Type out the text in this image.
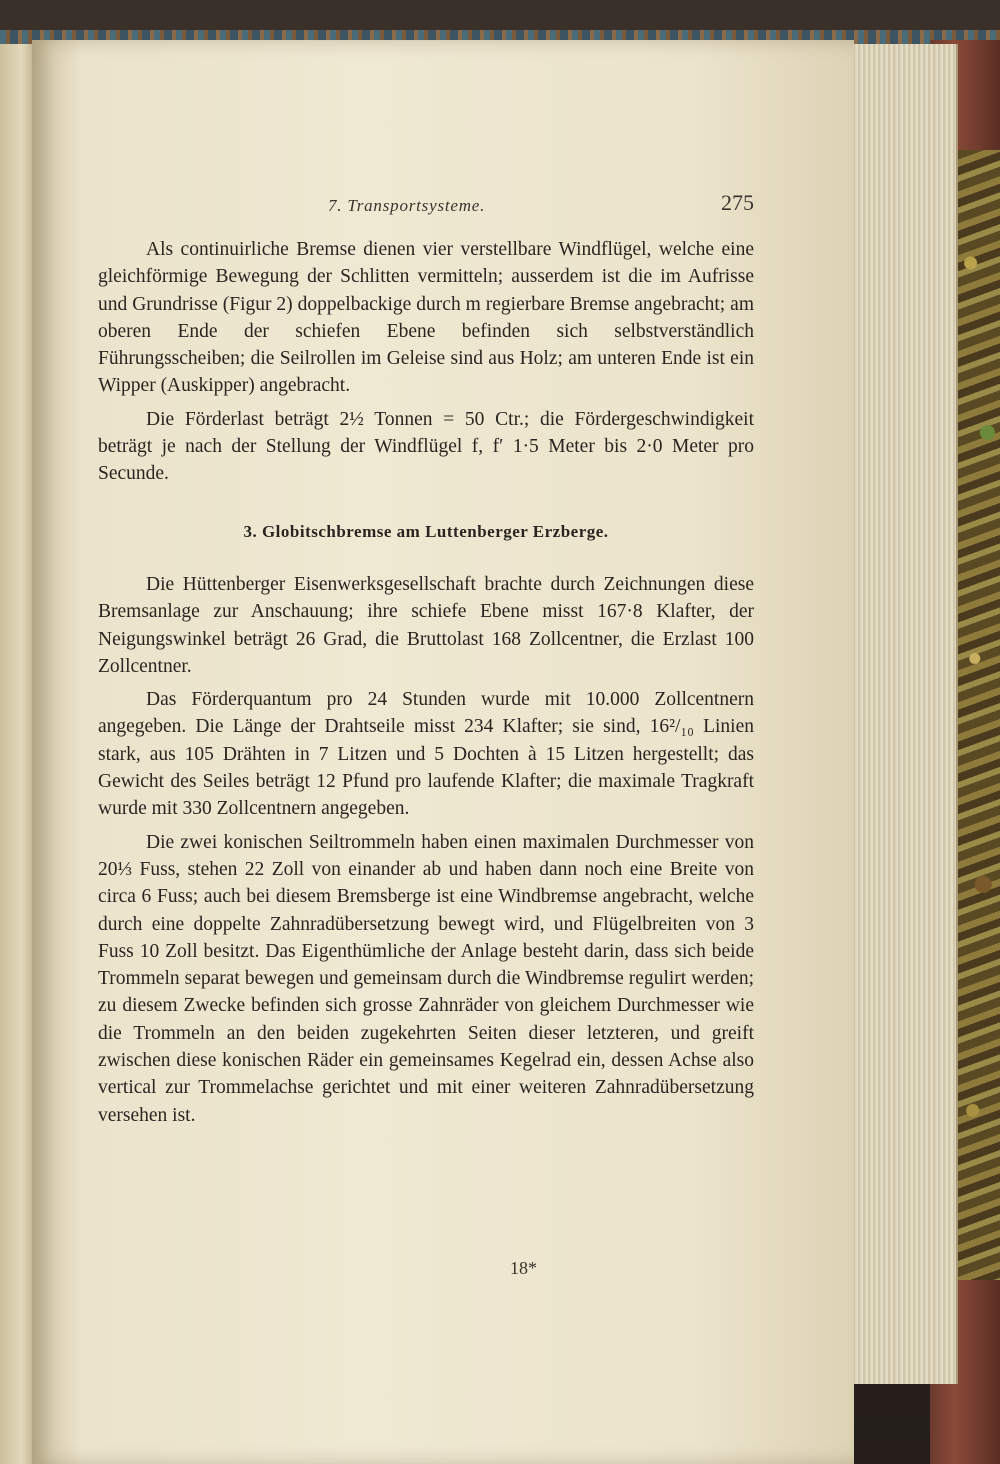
7. Transportsysteme.	275

Als continuirliche Bremse dienen vier verstellbare Windflügel, welche eine gleichförmige Bewegung der Schlitten vermitteln; ausserdem ist die im Aufrisse und Grundrisse (Figur 2) doppelbackige durch m regierbare Bremse angebracht; am oberen Ende der schiefen Ebene befinden sich selbstverständlich Führungsscheiben; die Seilrollen im Geleise sind aus Holz; am unteren Ende ist ein Wipper (Auskipper) angebracht.

Die Förderlast beträgt 2½ Tonnen = 50 Ctr.; die Fördergeschwindigkeit beträgt je nach der Stellung der Windflügel f, f′ 1·5 Meter bis 2·0 Meter pro Secunde.

3. Globitschbremse am Luttenberger Erzberge.

Die Hüttenberger Eisenwerksgesellschaft brachte durch Zeichnungen diese Bremsanlage zur Anschauung; ihre schiefe Ebene misst 167·8 Klafter, der Neigungswinkel beträgt 26 Grad, die Bruttolast 168 Zollcentner, die Erzlast 100 Zollcentner.

Das Förderquantum pro 24 Stunden wurde mit 10.000 Zollcentnern angegeben. Die Länge der Drahtseile misst 234 Klafter; sie sind, 16²/₁₀ Linien stark, aus 105 Drähten in 7 Litzen und 5 Dochten à 15 Litzen hergestellt; das Gewicht des Seiles beträgt 12 Pfund pro laufende Klafter; die maximale Tragkraft wurde mit 330 Zollcentnern angegeben.

Die zwei konischen Seiltrommeln haben einen maximalen Durchmesser von 20⅓ Fuss, stehen 22 Zoll von einander ab und haben dann noch eine Breite von circa 6 Fuss; auch bei diesem Bremsberge ist eine Windbremse angebracht, welche durch eine doppelte Zahnradübersetzung bewegt wird, und Flügelbreiten von 3 Fuss 10 Zoll besitzt. Das Eigenthümliche der Anlage besteht darin, dass sich beide Trommeln separat bewegen und gemeinsam durch die Windbremse regulirt werden; zu diesem Zwecke befinden sich grosse Zahnräder von gleichem Durchmesser wie die Trommeln an den beiden zugekehrten Seiten dieser letzteren, und greift zwischen diese konischen Räder ein gemeinsames Kegelrad ein, dessen Achse also vertical zur Trommelachse gerichtet und mit einer weiteren Zahnradübersetzung versehen ist.

18*
